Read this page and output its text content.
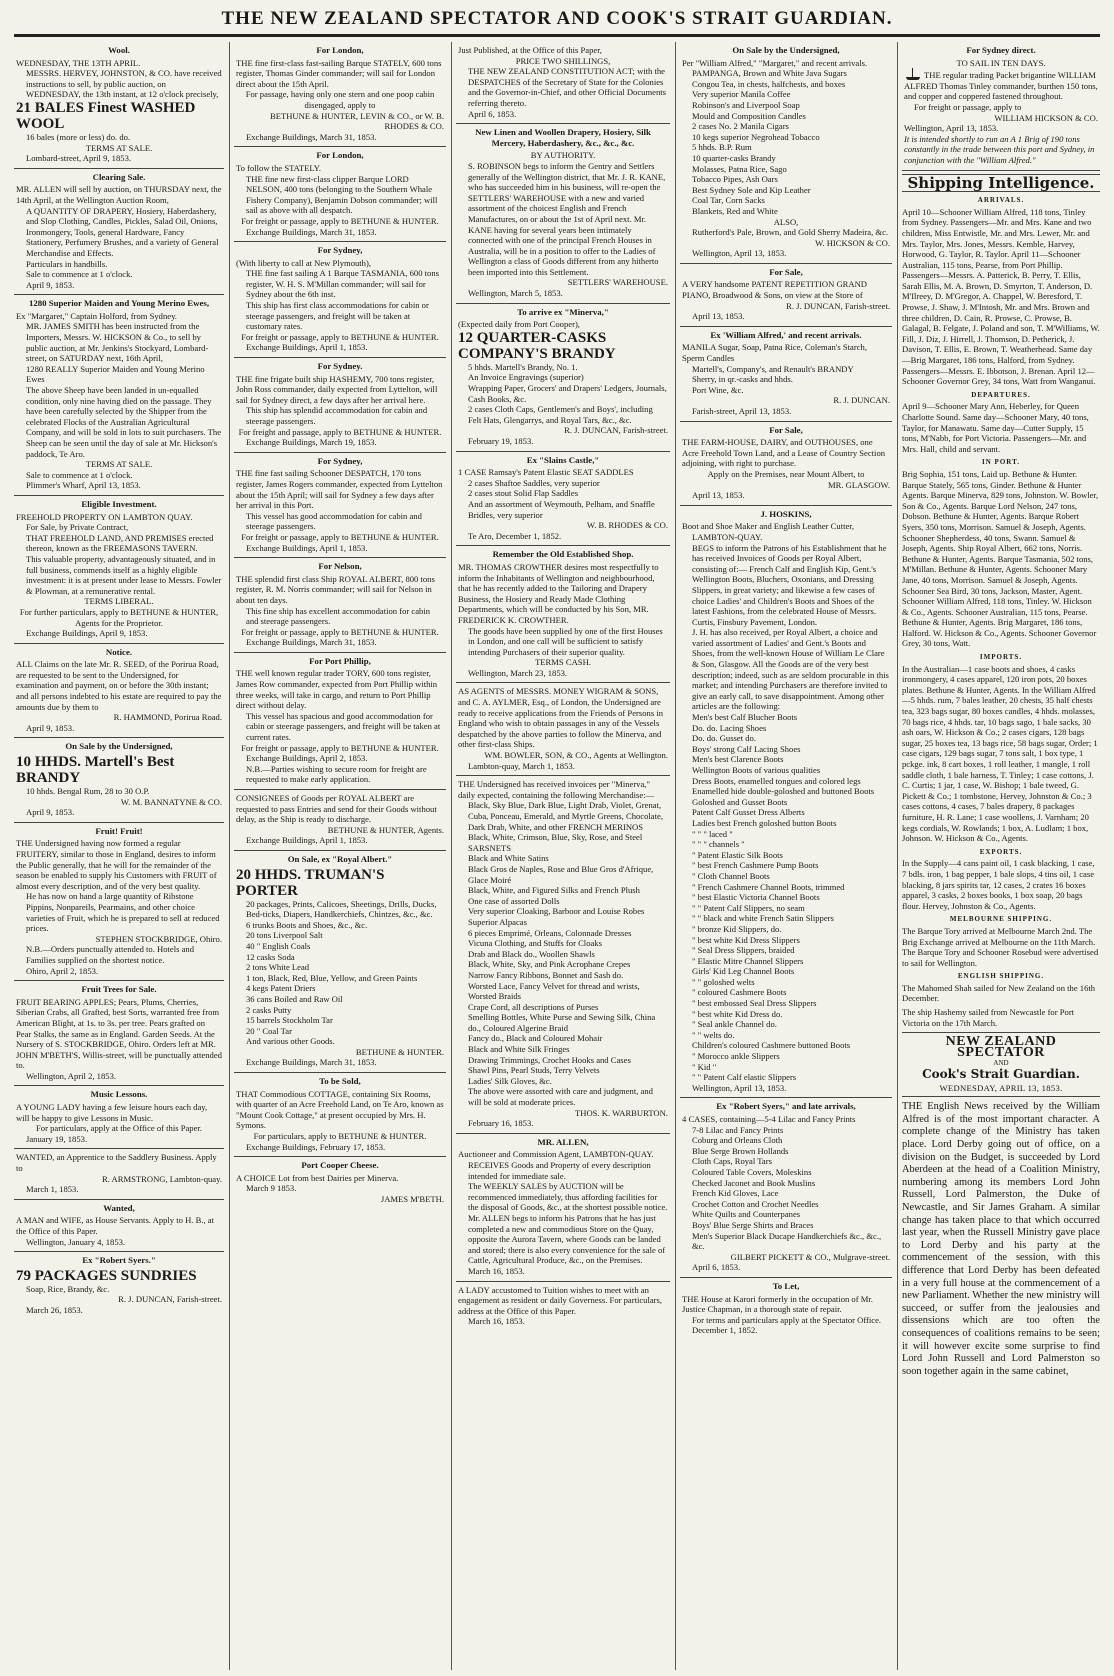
THE NEW ZEALAND SPECTATOR AND COOK'S STRAIT GUARDIAN.
Wool.
WEDNESDAY, THE 13TH APRIL.
MESSRS. HERVEY, JOHNSTON, & CO. have received instructions to sell, by public auction, on WEDNESDAY, the 13th instant, at 12 o'clock precisely,
21 BALES Finest WASHED WOOL
16 bales (more or less) do. do.
TERMS AT SALE.
Lombard-street, April 9, 1853.
Clearing Sale.
MR. ALLEN will sell by auction, on THURSDAY next, the 14th April, at the Wellington Auction Room,
A QUANTITY OF DRAPERY, Hosiery, Haberdashery, and Slop Clothing, Candles, Pickles, Salad Oil, Onions, Ironmongery, Tools, general Hardware, Fancy Stationery, Perfumery Brushes, and a variety of General Merchandise and Effects.
Particulars in handbills.
Sale to commence at 1 o'clock.
April 9, 1853.
1280 Superior Maiden and Young Merino Ewes,
Ex "Margaret," Captain Holford, from Sydney.
MR. JAMES SMITH has been instructed from the Importers, Messrs. W. HICKSON & Co., to sell by public auction, at Mr. Jenkins's Stockyard, Lombard-street, on SATURDAY next, 16th April,
1280 REALLY Superior Maiden and Young Merino Ewes
The above Sheep have been landed in un-equalled condition, only nine having died on the passage. They have been carefully selected by the Shipper from the celebrated Flocks of the Australian Agricultural Company, and will be sold in lots to suit purchasers. The Sheep can be seen until the day of sale at Mr. Hickson's paddock, Te Aro.
TERMS AT SALE.
Sale to commence at 1 o'clock.
Plimmer's Wharf, April 13, 1853.
Eligible Investment.
FREEHOLD PROPERTY ON LAMBTON QUAY.
For Sale, by Private Contract,
THAT FREEHOLD LAND, AND PREMISES erected thereon, known as the FREEMASONS TAVERN.
This valuable property, advantageously situated, and in full business, commends itself as a highly eligible investment: it is at present under lease to Messrs. Fowler & Plowman, at a remunerative rental.
TERMS LIBERAL.
For further particulars, apply to BETHUNE & HUNTER, Agents for the Proprietor.
Exchange Buildings, April 9, 1853.
Notice.
ALL Claims on the late Mr. R. SEED, of the Porirua Road, are requested to be sent to the Undersigned, for examination and payment, on or before the 30th instant; and all persons indebted to his estate are required to pay the amounts due by them to
R. HAMMOND, Porirua Road.
April 9, 1853.
On Sale by the Undersigned,
10 HHDS. Martell's Best BRANDY
10 hhds. Bengal Rum, 28 to 30 O.P.
W. M. BANNATYNE & CO.
April 9, 1853.
Fruit! Fruit!
THE Undersigned having now formed a regular FRUITERY, similar to those in England, desires to inform the Public generally, that he will for the remainder of the season be enabled to supply his Customers with FRUIT of almost every description, and of the very best quality.
He has now on hand a large quantity of Ribstone Pippins, Nonpareils, Pearmains, and other choice varieties of Fruit, which he is prepared to sell at reduced prices.
STEPHEN STOCKBRIDGE, Ohiro.
N.B.—Orders punctually attended to. Hotels and Families supplied on the shortest notice.
Ohiro, April 2, 1853.
Fruit Trees for Sale.
FRUIT BEARING APPLES; Pears, Plums, Cherries, Siberian Crabs, all Grafted, best Sorts, warranted free from American Blight, at 1s. to 3s. per tree. Pears grafted on Pear Stalks, the same as in England. Garden Seeds. At the Nursery of S. STOCKBRIDGE, Ohiro. Orders left at MR. JOHN M'BETH'S, Willis-street, will be punctually attended to.
Wellington, April 2, 1853.
Music Lessons.
A YOUNG LADY having a few leisure hours each day, will be happy to give Lessons in Music.
For particulars, apply at the Office of this Paper.
January 19, 1853.
WANTED, an Apprentice to the Saddlery Business. Apply to
R. ARMSTRONG, Lambton-quay.
March 1, 1853.
Wanted,
A MAN and WIFE, as House Servants. Apply to H. B., at the Office of this Paper.
Wellington, January 4, 1853.
Ex "Robert Syers."
79 PACKAGES SUNDRIES
Soap, Rice, Brandy, &c.
R. J. DUNCAN, Farish-street.
March 26, 1853.
For London,
THE fine first-class fast-sailing Barque STATELY, 600 tons register, Thomas Ginder commander; will sail for London direct about the 15th April.
For passage, having only one stern and one poop cabin disengaged, apply to
BETHUNE & HUNTER, LEVIN & CO., or W. B. RHODES & CO.
Exchange Buildings, March 31, 1853.
For London,
To follow the STATELY.
THE fine new first-class clipper Barque LORD NELSON, 400 tons (belonging to the Southern Whale Fishery Company), Benjamin Dobson commander; will sail as above with all despatch.
For freight or passage, apply to BETHUNE & HUNTER.
Exchange Buildings, March 31, 1853.
For Sydney,
(With liberty to call at New Plymouth),
THE fine fast sailing A 1 Barque TASMANIA, 600 tons register, W. H. S. M'Millan commander; will sail for Sydney about the 6th inst.
This ship has first class accommodations for cabin or steerage passengers, and freight will be taken at customary rates.
For freight or passage, apply to BETHUNE & HUNTER.
Exchange Buildings, April 1, 1853.
For Sydney.
THE fine frigate built ship HASHEMY, 700 tons register, John Ross commander, daily expected from Lyttelton, will sail for Sydney direct, a few days after her arrival here.
This ship has splendid accommodation for cabin and steerage passengers.
For freight and passage, apply to BETHUNE & HUNTER.
Exchange Buildings, March 19, 1853.
For Sydney,
THE fine fast sailing Schooner DESPATCH, 170 tons register, James Rogers commander, expected from Lyttelton about the 15th April; will sail for Sydney a few days after her arrival in this Port.
This vessel has good accommodation for cabin and steerage passengers.
For freight or passage, apply to BETHUNE & HUNTER.
Exchange Buildings, April 1, 1853.
For Nelson,
THE splendid first class Ship ROYAL ALBERT, 800 tons register, R. M. Norris commander; will sail for Nelson in about ten days.
This fine ship has excellent accommodation for cabin and steerage passengers.
For freight or passage, apply to BETHUNE & HUNTER.
Exchange Buildings, March 31, 1853.
For Port Phillip,
THE well known regular trader TORY, 600 tons register, James Row commander, expected from Port Phillip within three weeks, will take in cargo, and return to Port Phillip direct without delay.
This vessel has spacious and good accommodation for cabin or steerage passengers, and freight will be taken at current rates.
For freight or passage, apply to BETHUNE & HUNTER.
Exchange Buildings, April 2, 1853.
N.B.—Parties wishing to secure room for freight are requested to make early application.
CONSIGNEES of Goods per ROYAL ALBERT are requested to pass Entries and send for their Goods without delay, as the Ship is ready to discharge.
BETHUNE & HUNTER, Agents.
Exchange Buildings, April 1, 1853.
On Sale, ex "Royal Albert."
20 HHDS. TRUMAN'S PORTER
20 packages, Prints, Calicoes, Sheetings, Drills, Ducks, Bed-ticks, Diapers, Handkerchiefs, Chintzes, &c., &c.
6 trunks Boots and Shoes, &c., &c.
20 tons Liverpool Salt
40 " English Coals
12 casks Soda
2 tons White Lead
1 ton, Black, Red, Blue, Yellow, and Green Paints
4 kegs Patent Driers
36 cans Boiled and Raw Oil
2 casks Putty
15 barrels Stockholm Tar
20 " Coal Tar
And various other Goods.
BETHUNE & HUNTER.
Exchange Buildings, March 31, 1853.
To be Sold,
THAT Commodious COTTAGE, containing Six Rooms, with quarter of an Acre Freehold Land, on Te Aro, known as "Mount Cook Cottage," at present occupied by Mrs. H. Symons.
For particulars, apply to BETHUNE & HUNTER.
Exchange Buildings, February 17, 1853.
Port Cooper Cheese.
A CHOICE Lot from best Dairies per Minerva.
March 9 1853.
JAMES M'BETH.
Just Published, at the Office of this Paper,
PRICE TWO SHILLINGS,
THE NEW ZEALAND CONSTITUTION ACT; with the DESPATCHES of the Secretary of State for the Colonies and the Governor-in-Chief, and other Official Documents referring thereto.
April 6, 1853.
New Linen and Woollen Drapery, Hosiery, Silk Mercery, Haberdashery, &c., &c., &c.
BY AUTHORITY.
S. ROBINSON begs to inform the Gentry and Settlers generally of the Wellington district, that Mr. J. R. KANE, who has succeeded him in his business, will re-open the SETTLERS' WAREHOUSE with a new and varied assortment of the choicest English and French Manufactures, on or about the 1st of April next. Mr. KANE having for several years been intimately connected with one of the principal French Houses in Australia, will be in a position to offer to the Ladies of Wellington a class of Goods different from any hitherto been imported into this Settlement.
SETTLERS' WAREHOUSE.
Wellington, March 5, 1853.
To arrive ex "Minerva,"
(Expected daily from Port Cooper),
12 QUARTER-CASKS COMPANY'S BRANDY
5 hhds. Martell's Brandy, No. 1.
An Invoice Engravings (superior)
Wrapping Paper, Grocers' and Drapers' Ledgers, Journals, Cash Books, &c.
2 cases Cloth Caps, Gentlemen's and Boys', including Felt Hats, Glengarrys, and Royal Tars, &c., &c.
R. J. DUNCAN, Farish-street.
February 19, 1853.
Ex "Slains Castle,"
1 CASE Ramsay's Patent Elastic SEAT SADDLES
2 cases Shaftoe Saddles, very superior
2 cases stout Solid Flap Saddles
And an assortment of Weymouth, Pelham, and Snaffle Bridles, very superior
W. B. RHODES & CO.
Te Aro, December 1, 1852.
Remember the Old Established Shop.
MR. THOMAS CROWTHER desires most respectfully to inform the Inhabitants of Wellington and neighbourhood, that he has recently added to the Tailoring and Drapery Business, the Hosiery and Ready Made Clothing Departments, which will be conducted by his Son, MR. FREDERICK K. CROWTHER.
The goods have been supplied by one of the first Houses in London, and one call will be sufficient to satisfy intending Purchasers of their superior quality.
TERMS CASH.
Wellington, March 23, 1853.
AS AGENTS of MESSRS. MONEY WIGRAM & SONS, and C. A. AYLMER, Esq., of London, the Undersigned are ready to receive applications from the Friends of Persons in England who wish to obtain passages in any of the Vessels despatched by the above parties to follow the Minerva, and other first-class Ships.
WM. BOWLER, SON, & CO., Agents at Wellington.
Lambton-quay, March 1, 1853.
THE Undersigned has received invoices per "Minerva," daily expected, containing the following Merchandise:—
Black, Sky Blue, Dark Blue, Light Drab, Violet, Grenat, Cuba, Ponceau, Emerald, and Myrtle Greens, Chocolate, Dark Drab, White, and other FRENCH MERINOS
Black, White, Crimson, Blue, Sky, Rose, and Steel SARSNETS
Black and White Satins
Black Gros de Naples, Rose and Blue Gros d'Afrique, Glace Moiré
Black, White, and Figured Silks and French Plush
One case of assorted Dolls
Very superior Cloaking, Barboor and Louise Robes
Superior Alpacas
6 pieces Emprimé, Orleans, Colonnade Dresses
Vicuna Clothing, and Stuffs for Cloaks
Drab and Black do., Woollen Shawls
Black, White, Sky, and Pink Acrophane Crepes
Narrow Fancy Ribbons, Bonnet and Sash do.
Worsted Lace, Fancy Velvet for thread and wrists, Worsted Braids
Crape Cord, all descriptions of Purses
Smelling Bottles, White Purse and Sewing Silk, China do., Coloured Algerine Braid
Fancy do., Black and Coloured Mohair
Black and White Silk Fringes
Drawing Trimmings, Crochet Hooks and Cases
Shawl Pins, Pearl Studs, Terry Velvets
Ladies' Silk Gloves, &c.
The above were assorted with care and judgment, and will be sold at moderate prices.
THOS. K. WARBURTON.
February 16, 1853.
MR. ALLEN,
Auctioneer and Commission Agent, LAMBTON-QUAY.
RECEIVES Goods and Property of every description intended for immediate sale.
The WEEKLY SALES by AUCTION will be recommenced immediately, thus affording facilities for the disposal of Goods, &c., at the shortest possible notice.
Mr. ALLEN begs to inform his Patrons that he has just completed a new and commodious Store on the Quay, opposite the Aurora Tavern, where Goods can be landed and stored; there is also every convenience for the sale of Cattle, Agricultural Produce, &c., on the Premises.
March 16, 1853.
A LADY accustomed to Tuition wishes to meet with an engagement as resident or daily Governess. For particulars, address at the Office of this Paper.
March 16, 1853.
On Sale by the Undersigned,
Per "William Alfred," "Margaret," and recent arrivals.
PAMPANGA, Brown and White Java Sugars
Congou Tea, in chests, halfchests, and boxes
Very superior Manila Coffee
Robinson's and Liverpool Soap
Mould and Composition Candles
2 cases No. 2 Manila Cigars
10 kegs superior Negrohead Tobacco
5 hhds. B.P. Rum
10 quarter-casks Brandy
Molasses, Patna Rice, Sago
Tobacco Pipes, Ash Oars
Best Sydney Sole and Kip Leather
Coal Tar, Corn Sacks
Blankets, Red and White
ALSO,
Rutherford's Pale, Brown, and Gold Sherry Madeira, &c.
W. HICKSON & CO.
Wellington, April 13, 1853.
For Sale,
A VERY handsome PATENT REPETITION GRAND PIANO, Broadwood & Sons, on view at the Store of
R. J. DUNCAN, Farish-street.
April 13, 1853.
Ex 'William Alfred,' and recent arrivals.
MANILA Sugar, Soap, Patna Rice, Coleman's Starch, Sperm Candles
Martell's, Company's, and Renault's BRANDY
Sherry, in qr.-casks and hhds.
Port Wine, &c.
R. J. DUNCAN.
Farish-street, April 13, 1853.
For Sale,
THE FARM-HOUSE, DAIRY, and OUTHOUSES, one Acre Freehold Town Land, and a Lease of Country Section adjoining, with right to purchase.
Apply on the Premises, near Mount Albert, to
MR. GLASGOW.
April 13, 1853.
J. HOSKINS,
Boot and Shoe Maker and English Leather Cutter,
LAMBTON-QUAY.
BEGS to inform the Patrons of his Establishment that he has received Invoices of Goods per Royal Albert, consisting of:— French Calf and English Kip, Gent.'s Wellington Boots, Bluchers, Oxonians, and Dressing Slippers, in great variety; and likewise a few cases of choice Ladies' and Children's Boots and Shoes of the latest Fashions, from the celebrated House of Messrs. Curtis, Finsbury Pavement, London.
J. H. has also received, per Royal Albert, a choice and varied assortment of Ladies' and Gent.'s Boots and Shoes, from the well-known House of William Le Clare & Son, Glasgow. All the Goods are of the very best description; indeed, such as are seldom procurable in this market; and intending Purchasers are therefore invited to give an early call, to save disappointment. Among other articles are the following:
Men's best Calf Blucher Boots
Do. do. Lacing Shoes
Do. do. Gusset do.
Boys' strong Calf Lacing Shoes
Men's best Clarence Boots
Wellington Boots of various qualities
Dress Boots, enamelled tongues and colored legs
Enamelled hide double-goloshed and buttoned Boots
Goloshed and Gusset Boots
Patent Calf Gusset Dress Alberts
Ladies best French goloshed button Boots
" " " laced "
" " " channels "
" Patent Elastic Silk Boots
" best French Cashmere Pump Boots
" Cloth Channel Boots
" French Cashmere Channel Boots, trimmed
" best Elastic Victoria Channel Boots
" " Patent Calf Slippers, no seam
" " black and white French Satin Slippers
" bronze Kid Slippers, do.
" best white Kid Dress Slippers
" Seal Dress Slippers, braided
" Elastic Mitre Channel Slippers
Girls' Kid Leg Channel Boots
" " goloshed welts
" coloured Cashmere Boots
" best embossed Seal Dress Slippers
" best white Kid Dress do.
" Seal ankle Channel do.
" " welts do.
Children's coloured Cashmere buttoned Boots
" Morocco ankle Slippers
" Kid "
" " Patent Calf elastic Slippers
Wellington, April 13, 1853.
Ex "Robert Syers," and late arrivals,
4 CASES, containing—5-4 Lilac and Fancy Prints
7-8 Lilac and Fancy Prints
Coburg and Orleans Cloth
Blue Serge Brown Hollands
Cloth Caps, Royal Tars
Coloured Table Covers, Moleskins
Checked Jaconet and Book Muslins
French Kid Gloves, Lace
Crochet Cotton and Crochet Needles
White Quilts and Counterpanes
Boys' Blue Serge Shirts and Braces
Men's Superior Black Ducape Handkerchiefs &c., &c., &c.
GILBERT PICKETT & CO., Mulgrave-street.
April 6, 1853.
To Let,
THE House at Karori formerly in the occupation of Mr. Justice Chapman, in a thorough state of repair.
For terms and particulars apply at the Spectator Office.
December 1, 1852.
For Sydney direct.
TO SAIL IN TEN DAYS.
THE regular trading Packet brigantine WILLIAM ALFRED Thomas Tinley commander, burthen 150 tons, and copper and coppered fastened throughout.
For freight or passage, apply to
WILLIAM HICKSON & CO.
Wellington, April 13, 1853.
It is intended shortly to run an A 1 Brig of 190 tons constantly in the trade between this port and Sydney, in conjunction with the "William Alfred."
Shipping Intelligence.
ARRIVALS.
April 10—Schooner William Alfred, 118 tons, Tinley from Sydney. Passengers—Mr. and Mrs. Kane and two children, Miss Entwistle, Mr. and Mrs. Lewer, Mr. and Mrs. Taylor, Mrs. Jones, Messrs. Kemble, Harvey, Horwood, G. Taylor, R. Taylor. April 11—Schooner Australian, 115 tons, Pearse, from Port Phillip. Passengers—Messrs. A. Patterick, B. Perry, T. Ellis, Sarah Ellis, M. A. Brown, D. Smyrton, T. Anderson, D. M'Ilreey, D. M'Gregor, A. Chappel, W. Beresford, T. Prowse, J. Shaw, J. M'Intosh, Mr. and Mrs. Brown and three children, D. Cain, R. Prowse, C. Prowse, B. Galagal, B. Felgate, J. Poland and son, T. M'Williams, W. Fill, J. Diz, J. Hirrell, J. Thomson, D. Petherick, J. Davison, T. Ellis, E. Brown, T. Weatherhead. Same day—Brig Margaret, 186 tons, Halford, from Sydney. Passengers—Messrs. E. Ibbotson, J. Brenan. April 12—Schooner Governor Grey, 34 tons, Watt from Wanganui.
DEPARTURES.
April 9—Schooner Mary Ann, Heberley, for Queen Charlotte Sound. Same day—Schooner Mary, 40 tons, Taylor, for Manawatu. Same day—Cutter Supply, 15 tons, M'Nabb, for Port Victoria. Passengers—Mr. and Mrs. Hall, child and servant.
IN PORT.
Brig Sophia, 151 tons, Laid up. Bethune & Hunter. Barque Stately, 565 tons, Ginder. Bethune & Hunter Agents. Barque Minerva, 829 tons, Johnston. W. Bowler, Son & Co., Agents. Barque Lord Nelson, 247 tons, Dobson. Bethune & Hunter, Agents. Barque Robert Syers, 350 tons, Morrison. Samuel & Joseph, Agents. Schooner Shepherdess, 40 tons, Swann. Samuel & Joseph, Agents. Ship Royal Albert, 662 tons, Norris. Bethune & Hunter, Agents. Barque Tasmania, 502 tons, M'Millan. Bethune & Hunter, Agents. Schooner Mary Jane, 40 tons, Morrison. Samuel & Joseph, Agents. Schooner Sea Bird, 30 tons, Jackson, Master, Agent. Schooner William Alfred, 118 tons, Tinley. W. Hickson & Co., Agents. Schooner Australian, 115 tons, Pearse. Bethune & Hunter, Agents. Brig Margaret, 186 tons, Halford. W. Hickson & Co., Agents. Schooner Governor Grey, 30 tons, Watt.
IMPORTS.
In the Australian—1 case boots and shoes, 4 casks ironmongery, 4 cases apparel, 120 iron pots, 20 boxes plates. Bethune & Hunter, Agents. In the William Alfred—5 hhds. rum, 7 bales leather, 20 chests, 35 half chests tea, 323 bags sugar, 80 boxes candles, 4 hhds. molasses, 70 bags rice, 4 hhds. tar, 10 bags sago, 1 bale sacks, 30 ash oars, W. Hickson & Co.; 2 cases cigars, 128 bags sugar, 25 boxes tea, 13 bags rice, 58 bags sugar, Order; 1 case cigars, 129 bags sugar, 7 tons salt, 1 box type, 1 pckge. ink, 8 cart boxes, 1 roll leather, 1 mangle, 1 roll saddle cloth, 1 bale harness, T. Tinley; 1 case cottons, J. C. Curtis; 1 jar, 1 case, W. Bishop; 1 bale tweed, G. Pickett & Co.; 1 tombstone, Hervey, Johnston & Co.; 3 cases cottons, 4 cases, 7 bales drapery, 8 packages furniture, H. R. Lane; 1 case woollens, J. Varnham; 20 kegs cordials, W. Rowlands; 1 box, A. Ludlam; 1 box, Johnson. W. Hickson & Co., Agents.
EXPORTS.
In the Supply—4 cans paint oil, 1 cask blacking, 1 case, 7 bdls. iron, 1 bag pepper, 1 bale slops, 4 tins oil, 1 case blacking, 8 jars spirits tar, 12 cases, 2 crates 16 boxes apparel, 3 casks, 2 boxes books, 1 box soap, 20 bags flour. Hervey, Johnston & Co., Agents.
MELBOURNE SHIPPING.
The Barque Tory arrived at Melbourne March 2nd. The Brig Exchange arrived at Melbourne on the 11th March. The Barque Tory and Schooner Rosebud were advertised to sail for Wellington.
ENGLISH SHIPPING.
The Mahomed Shah sailed for New Zealand on the 16th December.
The ship Hashemy sailed from Newcastle for Port Victoria on the 17th March.
NEW ZEALAND SPECTATOR
AND
Cook's Strait Guardian.
WEDNESDAY, APRIL 13, 1853.
THE English News received by the William Alfred is of the most important character. A complete change of the Ministry has taken place. Lord Derby going out of office, on a division on the Budget, is succeeded by Lord Aberdeen at the head of a Coalition Ministry, numbering among its members Lord John Russell, Lord Palmerston, the Duke of Newcastle, and Sir James Graham. A similar change has taken place to that which occurred last year, when the Russell Ministry gave place to Lord Derby and his party at the commencement of the session, with this difference that Lord Derby has been defeated in a very full house at the commencement of a new Parliament. Whether the new ministry will succeed, or suffer from the jealousies and dissensions which are too often the consequences of coalitions remains to be seen; it will however excite some surprise to find Lord John Russell and Lord Palmerston so soon together again in the same cabinet,
